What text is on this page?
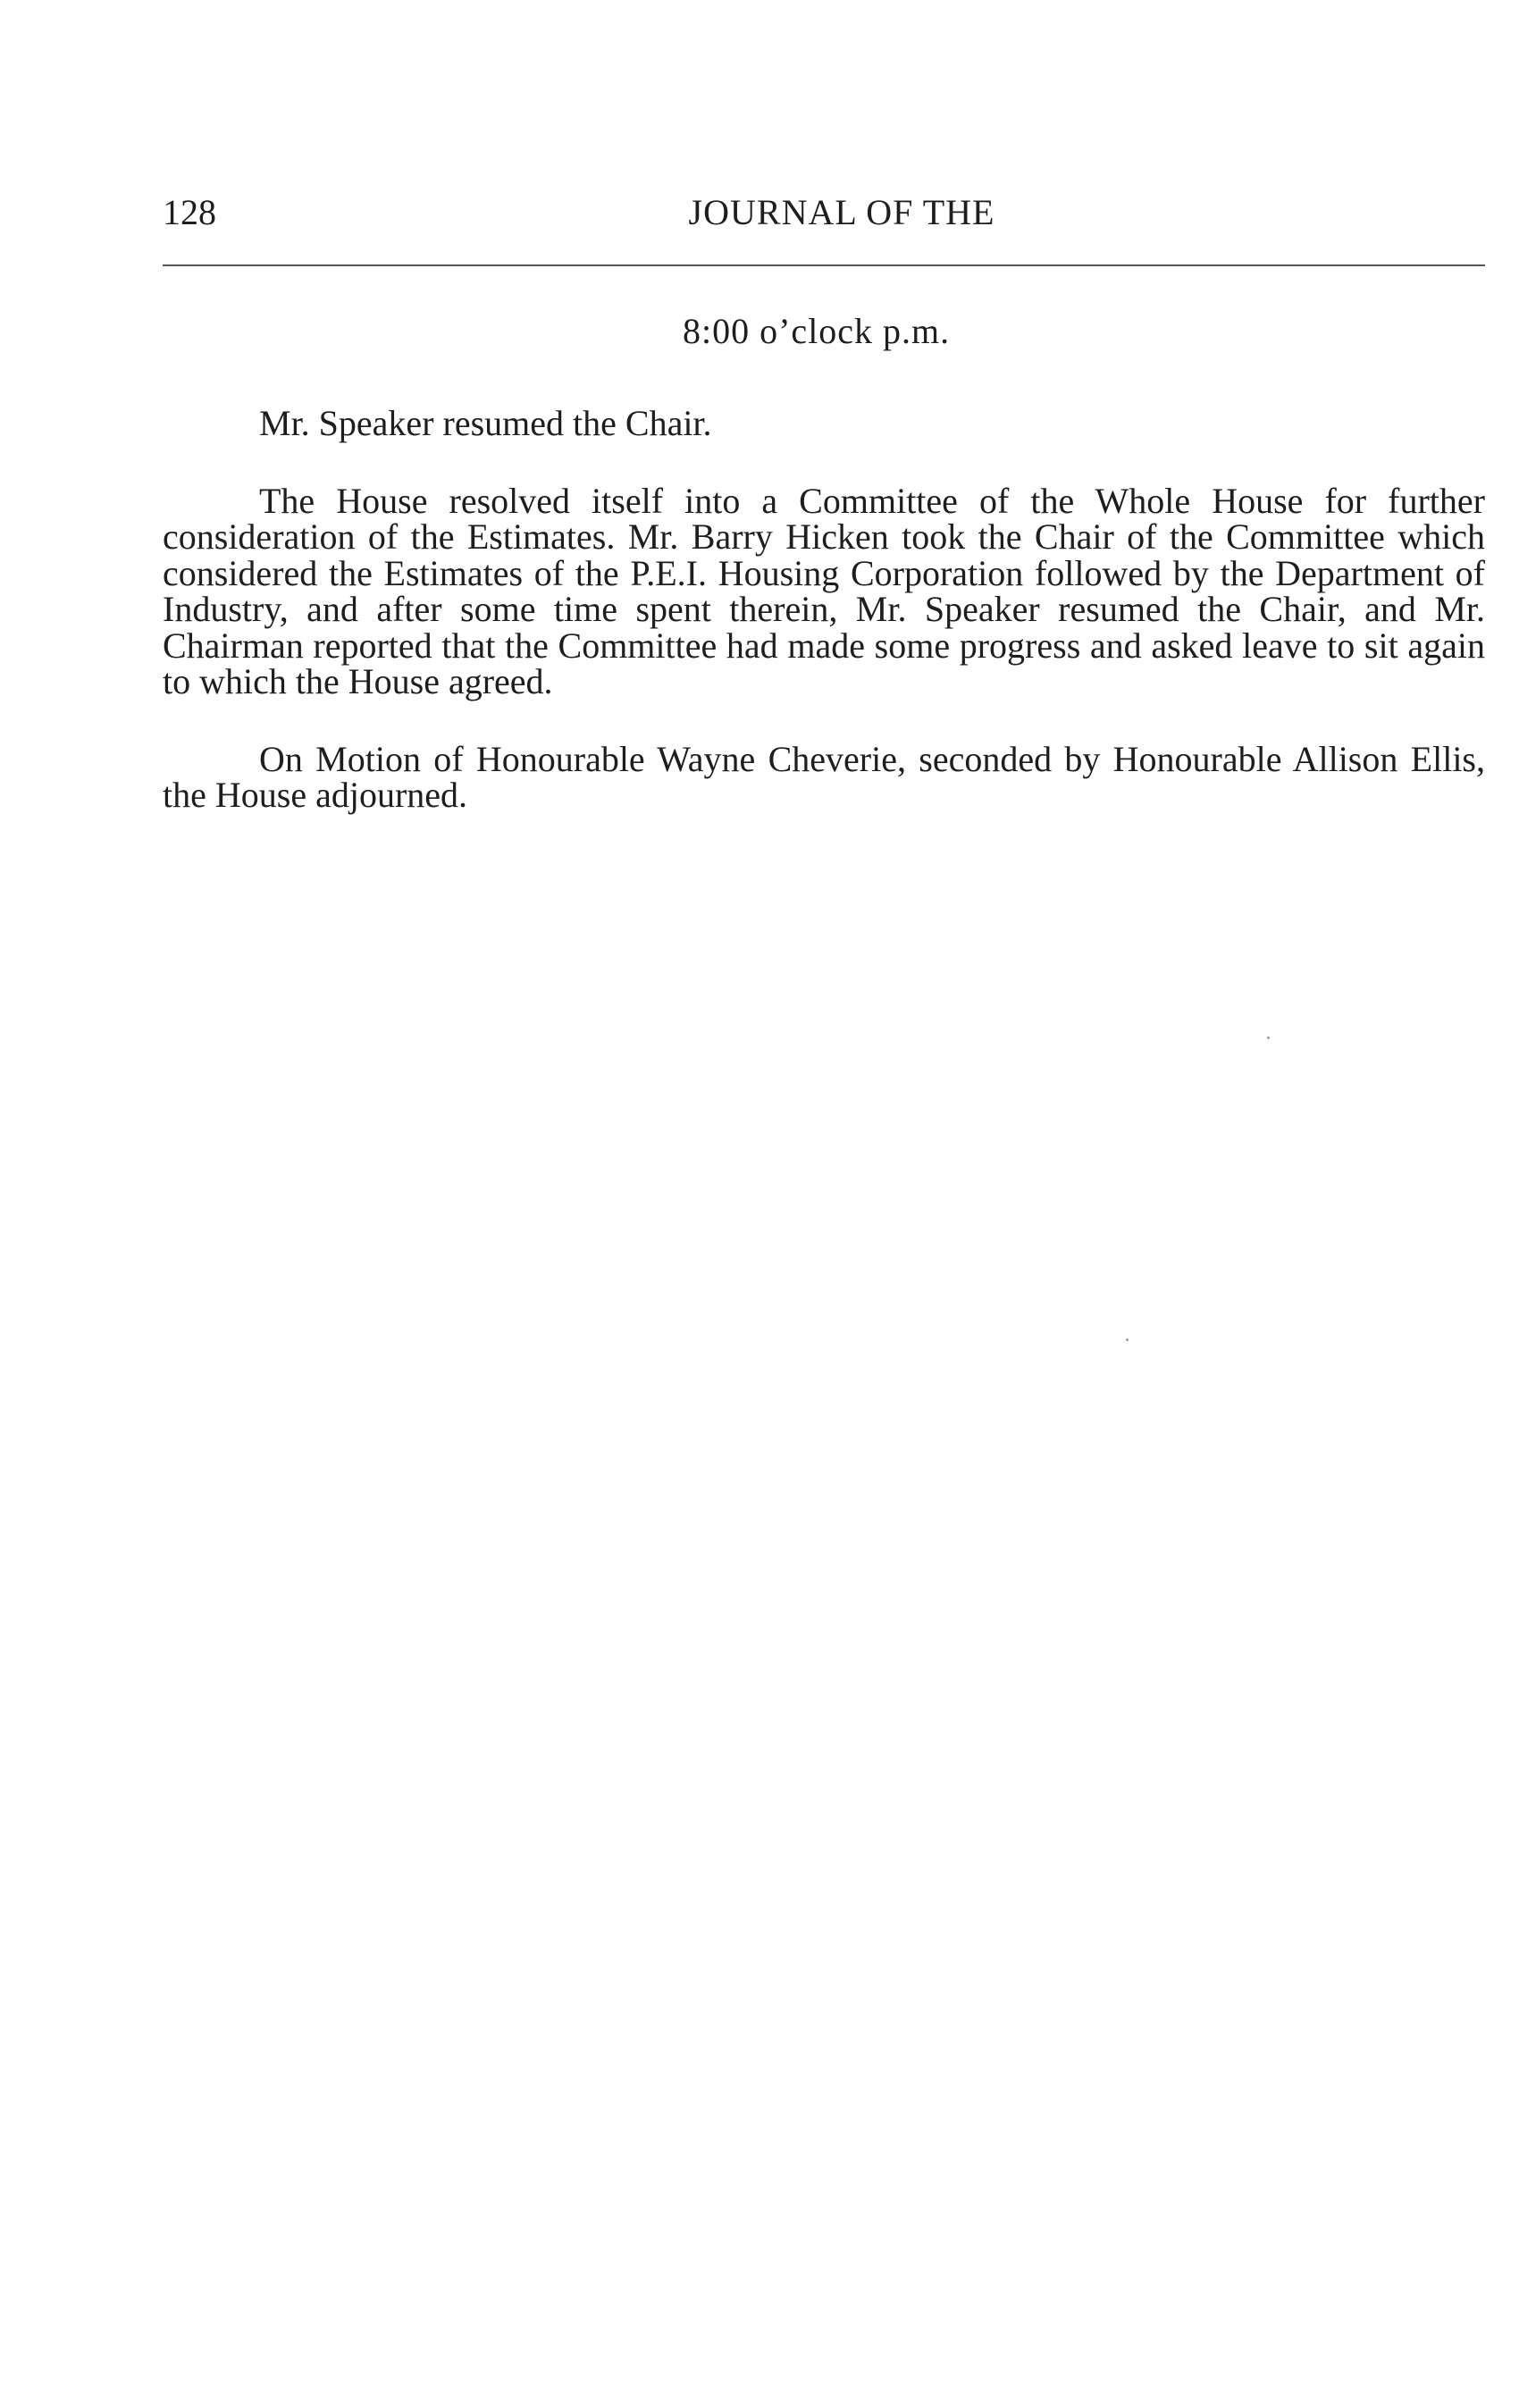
128	JOURNAL OF THE
8:00 o’clock p.m.

Mr. Speaker resumed the Chair.

The House resolved itself into a Committee of the Whole House for further consideration of the Estimates. Mr. Barry Hicken took the Chair of the Committee which considered the Estimates of the P.E.I. Housing Corporation followed by the Department of Industry, and after some time spent therein, Mr. Speaker resumed the Chair, and Mr. Chairman reported that the Committee had made some progress and asked leave to sit again to which the House agreed.

On Motion of Honourable Wayne Cheverie, seconded by Honourable Allison Ellis, the House adjourned.
